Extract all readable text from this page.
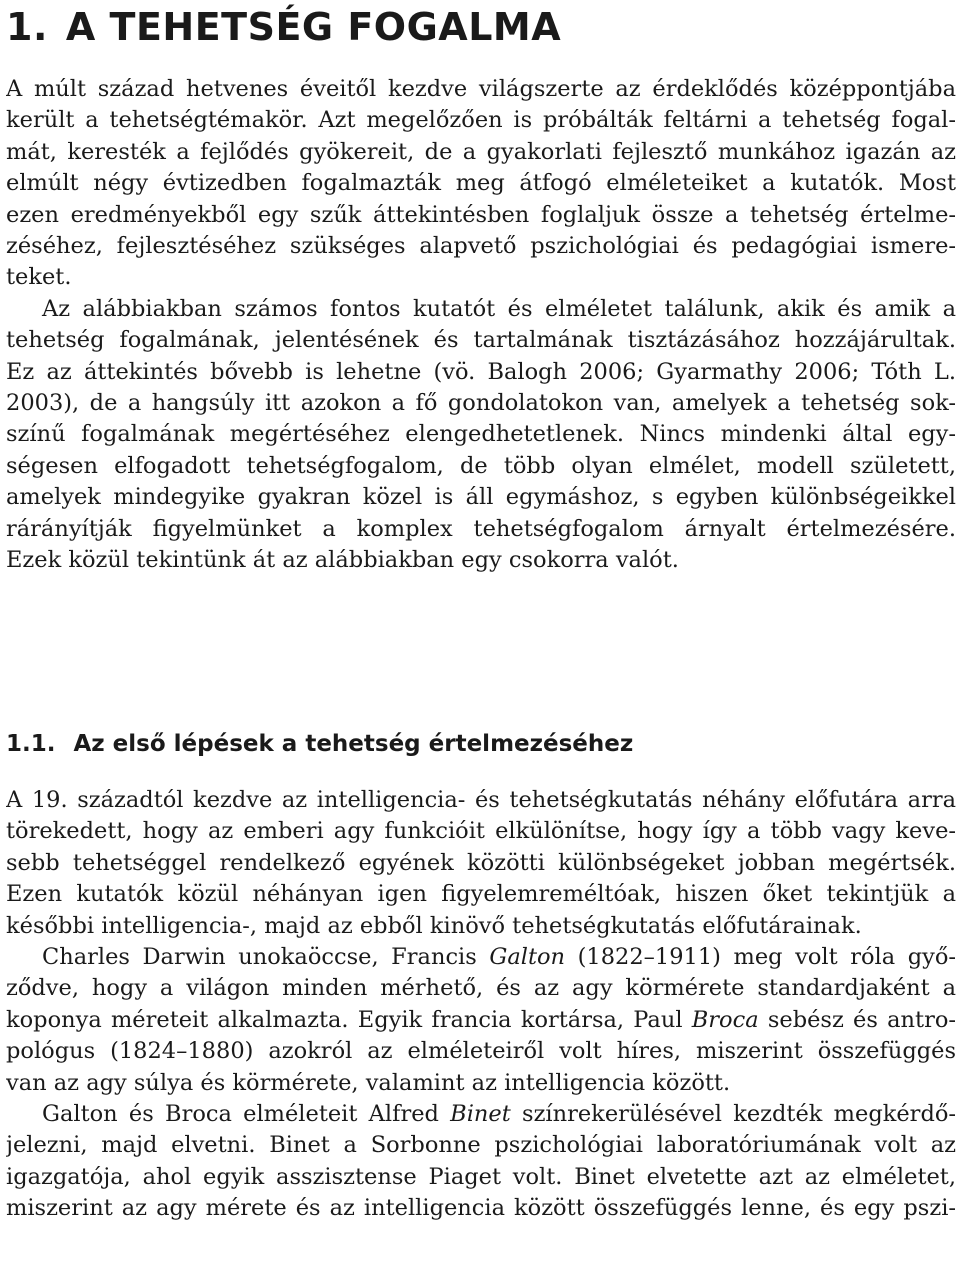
1. A TEHETSÉG FOGALMA
A múlt század hetvenes éveitől kezdve világszerte az érdeklődés középpontjába
került a tehetségtémakör. Azt megelőzően is próbálták feltárni a tehetség fogal-
mát, keresték a fejlődés gyökereit, de a gyakorlati fejlesztő munkához igazán az
elmúlt négy évtizedben fogalmazták meg átfogó elméleteiket a kutatók. Most
ezen eredményekből egy szűk áttekintésben foglaljuk össze a tehetség értelme-
zéséhez, fejlesztéséhez szükséges alapvető pszichológiai és pedagógiai ismere-
teket.
Az alábbiakban számos fontos kutatót és elméletet találunk, akik és amik a
tehetség fogalmának, jelentésének és tartalmának tisztázásához hozzájárultak.
Ez az áttekintés bővebb is lehetne (vö. Balogh 2006; Gyarmathy 2006; Tóth L.
2003), de a hangsúly itt azokon a fő gondolatokon van, amelyek a tehetség sok-
színű fogalmának megértéséhez elengedhetetlenek. Nincs mindenki által egy-
ségesen elfogadott tehetségfogalom, de több olyan elmélet, modell született,
amelyek mindegyike gyakran közel is áll egymáshoz, s egyben különbségeikkel
rárányítják figyelmünket a komplex tehetségfogalom árnyalt értelmezésére.
Ezek közül tekintünk át az alábbiakban egy csokorra valót.
1.1. Az első lépések a tehetség értelmezéséhez
A 19. századtól kezdve az intelligencia- és tehetségkutatás néhány előfutára arra
törekedett, hogy az emberi agy funkcióit elkülönítse, hogy így a több vagy keve-
sebb tehetséggel rendelkező egyének közötti különbségeket jobban megértsék.
Ezen kutatók közül néhányan igen figyelemreméltóak, hiszen őket tekintjük a
későbbi intelligencia-, majd az ebből kinövő tehetségkutatás előfutárainak.
Charles Darwin unokaöccse, Francis Galton (1822–1911) meg volt róla győ-
ződve, hogy a világon minden mérhető, és az agy körmérete standardjaként a
koponya méreteit alkalmazta. Egyik francia kortársa, Paul Broca sebész és antro-
pológus (1824–1880) azokról az elméleteiről volt híres, miszerint összefüggés
van az agy súlya és körmérete, valamint az intelligencia között.
Galton és Broca elméleteit Alfred Binet színrekerülésével kezdték megkérdő-
jelezni, majd elvetni. Binet a Sorbonne pszichológiai laboratóriumának volt az
igazgatója, ahol egyik asszisztense Piaget volt. Binet elvetette azt az elméletet,
miszerint az agy mérete és az intelligencia között összefüggés lenne, és egy pszi-
